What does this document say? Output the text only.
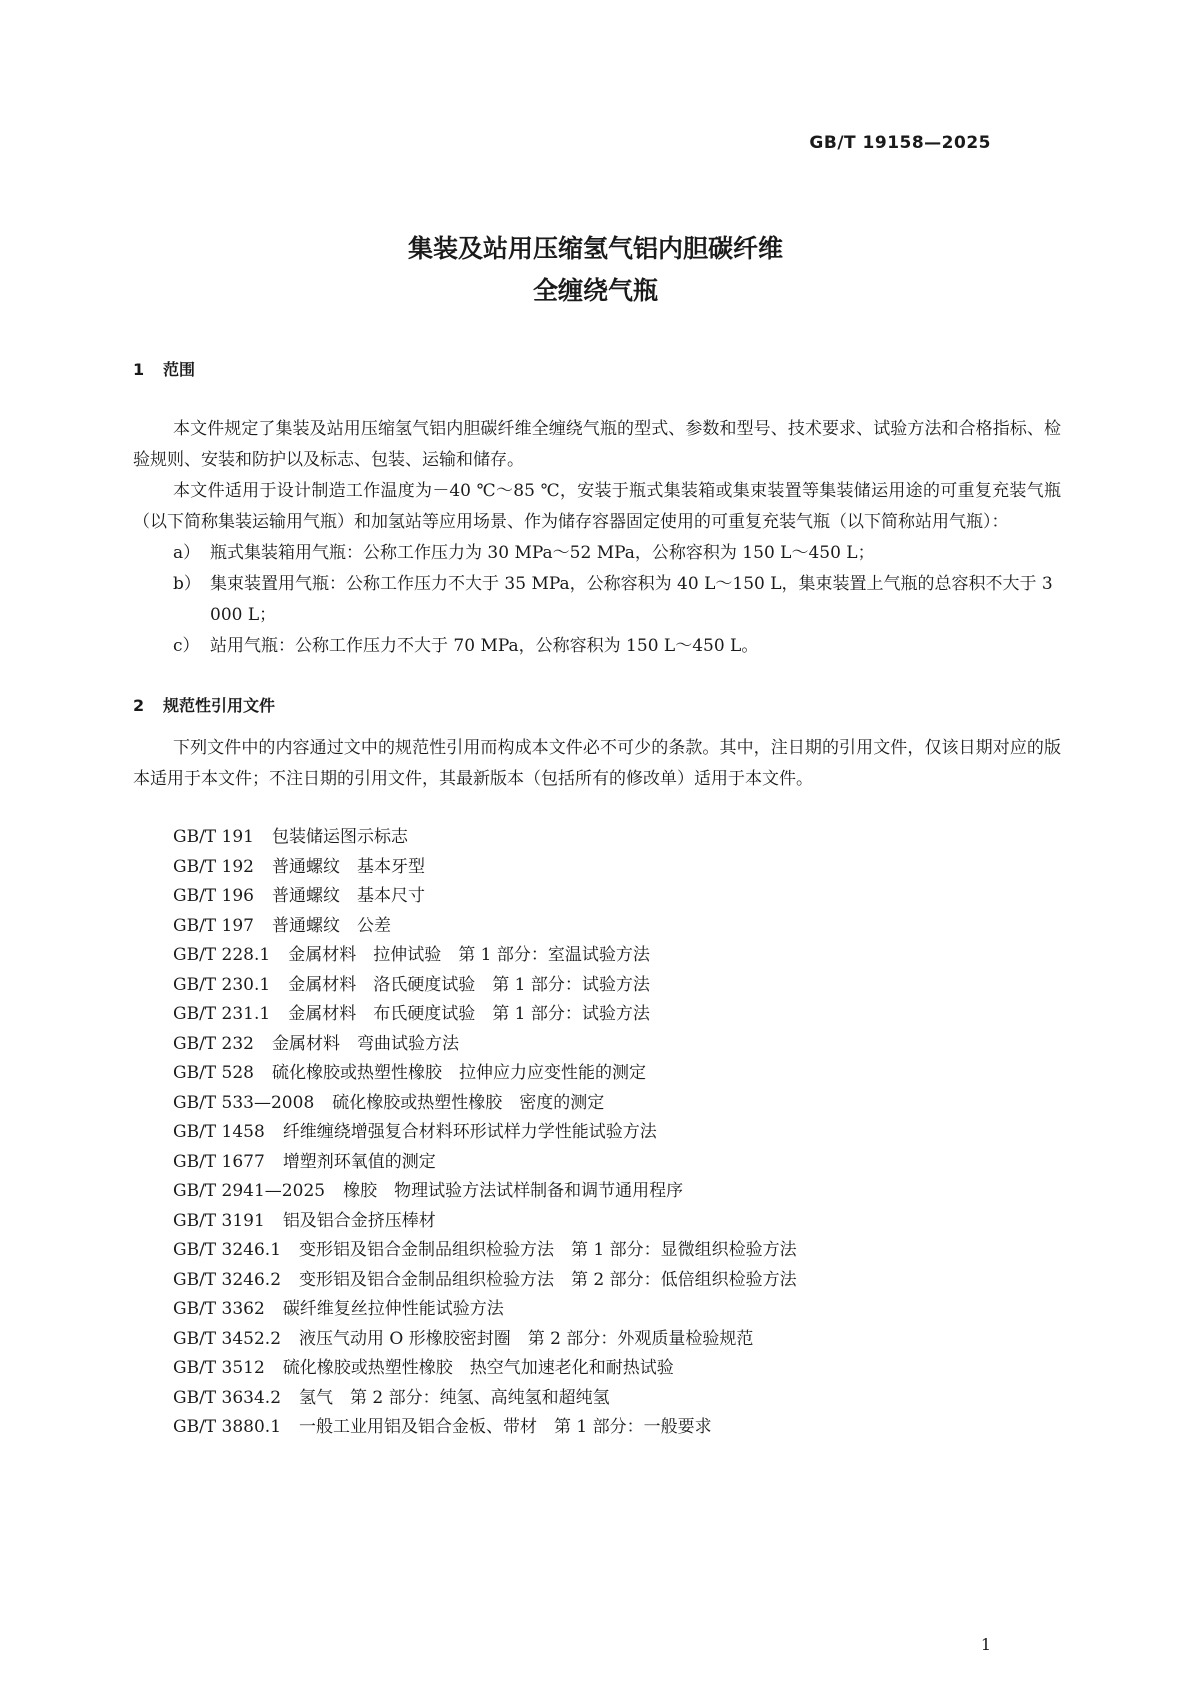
GB/T 19158—2025
集装及站用压缩氢气铝内胆碳纤维
全缠绕气瓶
1 范围

本文件规定了集装及站用压缩氢气铝内胆碳纤维全缠绕气瓶的型式、参数和型号、技术要求、试验方法和合格指标、检验规则、安装和防护以及标志、包装、运输和储存。

本文件适用于设计制造工作温度为－40 ℃～85 ℃，安装于瓶式集装箱或集束装置等集装储运用途的可重复充装气瓶（以下简称集装运输用气瓶）和加氢站等应用场景、作为储存容器固定使用的可重复充装气瓶（以下简称站用气瓶）：

a） 瓶式集装箱用气瓶：公称工作压力为 30 MPa～52 MPa，公称容积为 150 L～450 L；

b） 集束装置用气瓶：公称工作压力不大于 35 MPa，公称容积为 40 L～150 L，集束装置上气瓶的总容积不大于 3 000 L；

c） 站用气瓶：公称工作压力不大于 70 MPa，公称容积为 150 L～450 L。

2 规范性引用文件

下列文件中的内容通过文中的规范性引用而构成本文件必不可少的条款。其中，注日期的引用文件，仅该日期对应的版本适用于本文件；不注日期的引用文件，其最新版本（包括所有的修改单）适用于本文件。

GB/T 191 包装储运图示标志
GB/T 192 普通螺纹　基本牙型
GB/T 196 普通螺纹　基本尺寸
GB/T 197 普通螺纹　公差
GB/T 228.1 金属材料　拉伸试验　第 1 部分：室温试验方法
GB/T 230.1 金属材料　洛氏硬度试验　第 1 部分：试验方法
GB/T 231.1 金属材料　布氏硬度试验　第 1 部分：试验方法
GB/T 232 金属材料　弯曲试验方法
GB/T 528 硫化橡胶或热塑性橡胶　拉伸应力应变性能的测定
GB/T 533—2008 硫化橡胶或热塑性橡胶　密度的测定
GB/T 1458 纤维缠绕增强复合材料环形试样力学性能试验方法
GB/T 1677 增塑剂环氧值的测定
GB/T 2941—2025 橡胶　物理试验方法试样制备和调节通用程序
GB/T 3191 铝及铝合金挤压棒材
GB/T 3246.1 变形铝及铝合金制品组织检验方法　第 1 部分：显微组织检验方法
GB/T 3246.2 变形铝及铝合金制品组织检验方法　第 2 部分：低倍组织检验方法
GB/T 3362 碳纤维复丝拉伸性能试验方法
GB/T 3452.2 液压气动用 O 形橡胶密封圈　第 2 部分：外观质量检验规范
GB/T 3512 硫化橡胶或热塑性橡胶　热空气加速老化和耐热试验
GB/T 3634.2 氢气　第 2 部分：纯氢、高纯氢和超纯氢
GB/T 3880.1 一般工业用铝及铝合金板、带材　第 1 部分：一般要求
1
